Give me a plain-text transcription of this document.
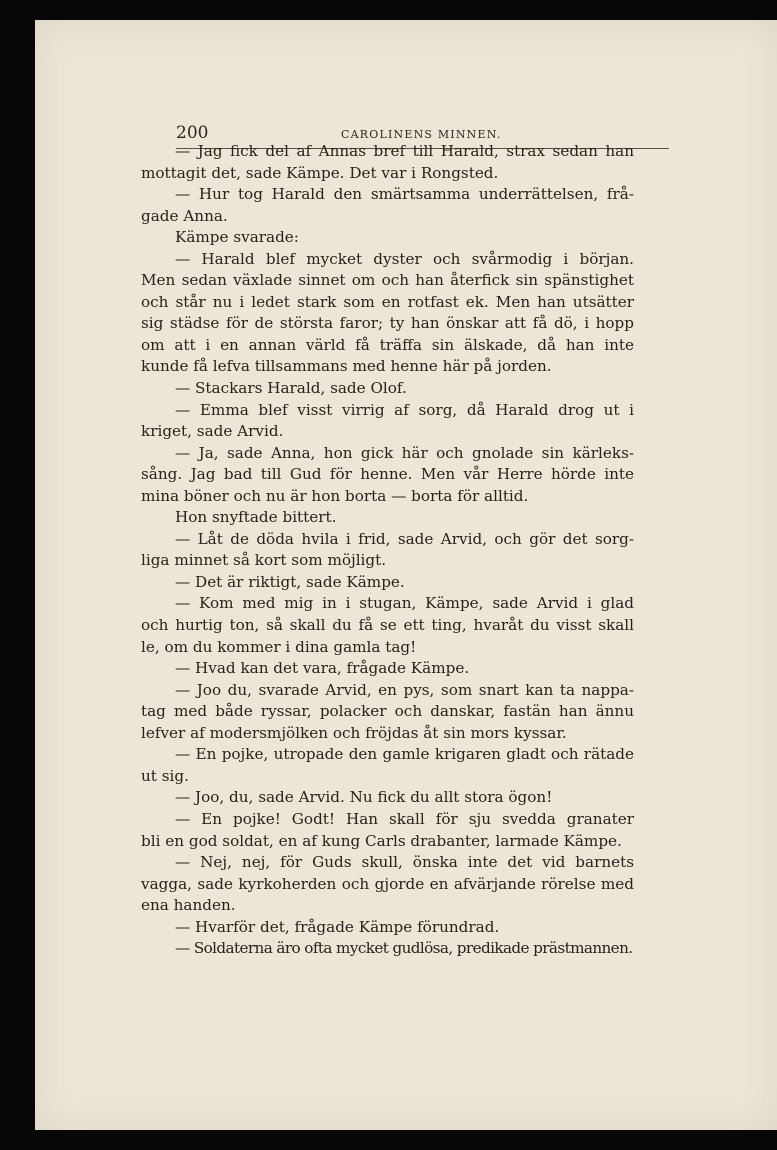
200	CAROLINENS MINNEN.
— Jag fick del af Annas bref till Harald, strax sedan han
mottagit det, sade Kämpe. Det var i Rongsted.
— Hur tog Harald den smärtsamma underrättelsen, frå-
gade Anna.
Kämpe svarade:
— Harald blef mycket dyster och svårmodig i början.
Men sedan växlade sinnet om och han återfick sin spänstighet
och står nu i ledet stark som en rotfast ek. Men han utsätter
sig städse för de största faror; ty han önskar att få dö, i hopp
om att i en annan värld få träffa sin älskade, då han inte
kunde få lefva tillsammans med henne här på jorden.
— Stackars Harald, sade Olof.
— Emma blef visst virrig af sorg, då Harald drog ut i
kriget, sade Arvid.
— Ja, sade Anna, hon gick här och gnolade sin kärleks-
sång. Jag bad till Gud för henne. Men vår Herre hörde inte
mina böner och nu är hon borta — borta för alltid.
Hon snyftade bittert.
— Låt de döda hvila i frid, sade Arvid, och gör det sorg-
liga minnet så kort som möjligt.
— Det är riktigt, sade Kämpe.
— Kom med mig in i stugan, Kämpe, sade Arvid i glad
och hurtig ton, så skall du få se ett ting, hvaråt du visst skall
le, om du kommer i dina gamla tag!
— Hvad kan det vara, frågade Kämpe.
— Joo du, svarade Arvid, en pys, som snart kan ta nappa-
tag med både ryssar, polacker och danskar, fastän han ännu
lefver af modersmjölken och fröjdas åt sin mors kyssar.
— En pojke, utropade den gamle krigaren gladt och rätade
ut sig.
— Joo, du, sade Arvid. Nu fick du allt stora ögon!
— En pojke! Godt! Han skall för sju svedda granater
bli en god soldat, en af kung Carls drabanter, larmade Kämpe.
— Nej, nej, för Guds skull, önska inte det vid barnets
vagga, sade kyrkoherden och gjorde en afvärjande rörelse med
ena handen.
— Hvarför det, frågade Kämpe förundrad.
— Soldaterna äro ofta mycket gudlösa, predikade prästmannen.
